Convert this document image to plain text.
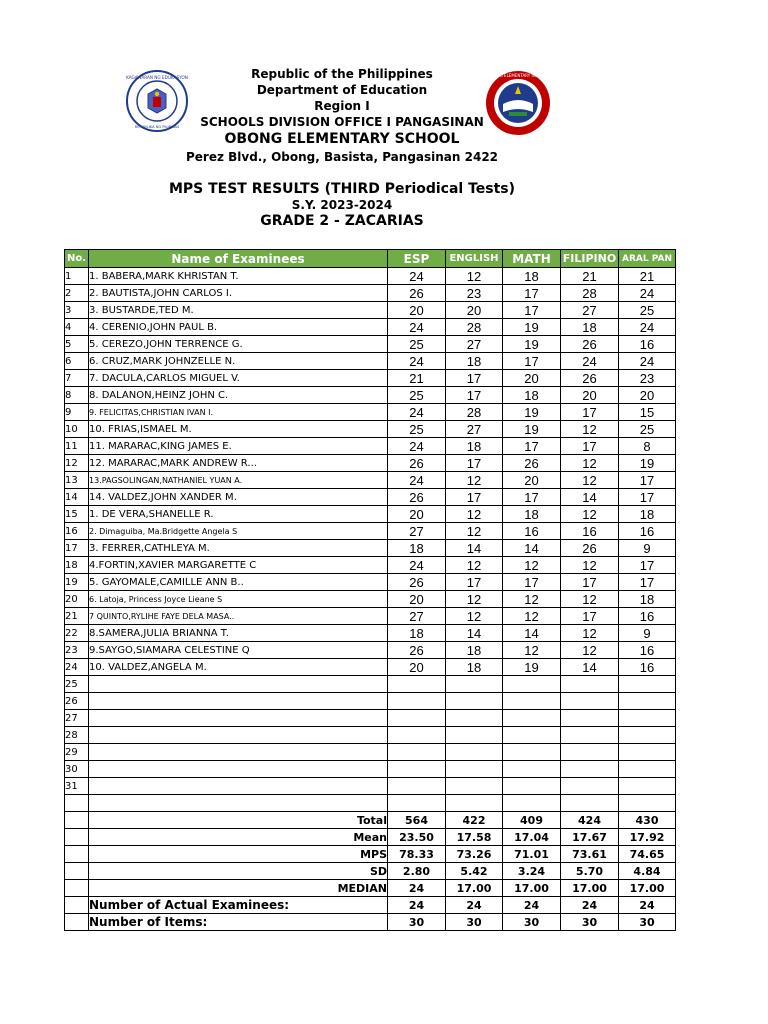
KAGAWARAN NG EDUKASYON
REPUBLIKA NG PILIPINAS
OBONG ELEMENTARY SCHOOL
Republic of the Philippines
Department of Education
Region I
SCHOOLS DIVISION OFFICE I PANGASINAN
OBONG ELEMENTARY SCHOOL
Perez Blvd., Obong, Basista, Pangasinan 2422
MPS TEST RESULTS (THIRD Periodical Tests)
S.Y. 2023-2024
GRADE 2 - ZACARIAS
No.	Name of Examinees	ESP	ENGLISH	MATH	FILIPINO	ARAL PAN
1	1. BABERA,MARK KHRISTAN T.	24	12	18	21	21
2	2. BAUTISTA,JOHN CARLOS I.	26	23	17	28	24
3	3. BUSTARDE,TED M.	20	20	17	27	25
4	4. CERENIO,JOHN PAUL B.	24	28	19	18	24
5	5. CEREZO,JOHN TERRENCE G.	25	27	19	26	16
6	6. CRUZ,MARK JOHNZELLE N.	24	18	17	24	24
7	7. DACULA,CARLOS MIGUEL V.	21	17	20	26	23
8	8. DALANON,HEINZ JOHN C.	25	17	18	20	20
9	9. FELICITAS,CHRISTIAN IVAN I.	24	28	19	17	15
10	10. FRIAS,ISMAEL M.	25	27	19	12	25
11	11. MARARAC,KING JAMES E.	24	18	17	17	8
12	12. MARARAC,MARK ANDREW R...	26	17	26	12	19
13	13.PAGSOLINGAN,NATHANIEL YUAN A.	24	12	20	12	17
14	14. VALDEZ,JOHN XANDER M.	26	17	17	14	17
15	1. DE VERA,SHANELLE R.	20	12	18	12	18
16	2. Dimaguiba, Ma.Bridgette Angela S	27	12	16	16	16
17	3. FERRER,CATHLEYA M.	18	14	14	26	9
18	4.FORTIN,XAVIER MARGARETTE C	24	12	12	12	17
19	5. GAYOMALE,CAMILLE ANN B..	26	17	17	17	17
20	6. Latoja, Princess Joyce Lieane S	20	12	12	12	18
21	7 QUINTO,RYLIHE FAYE DELA MASA..	27	12	12	17	16
22	8.SAMERA,JULIA BRIANNA T.	18	14	14	12	9
23	9.SAYGO,SIAMARA CELESTINE Q	26	18	12	12	16
24	10. VALDEZ,ANGELA M.	20	18	19	14	16
25						
26						
27						
28						
29						
30						
31						

	Total	564	422	409	424	430
	Mean	23.50	17.58	17.04	17.67	17.92
	MPS	78.33	73.26	71.01	73.61	74.65
	SD	2.80	5.42	3.24	5.70	4.84
	MEDIAN	24	17.00	17.00	17.00	17.00
	Number of Actual Examinees:	24	24	24	24	24
	Number of Items:	30	30	30	30	30
